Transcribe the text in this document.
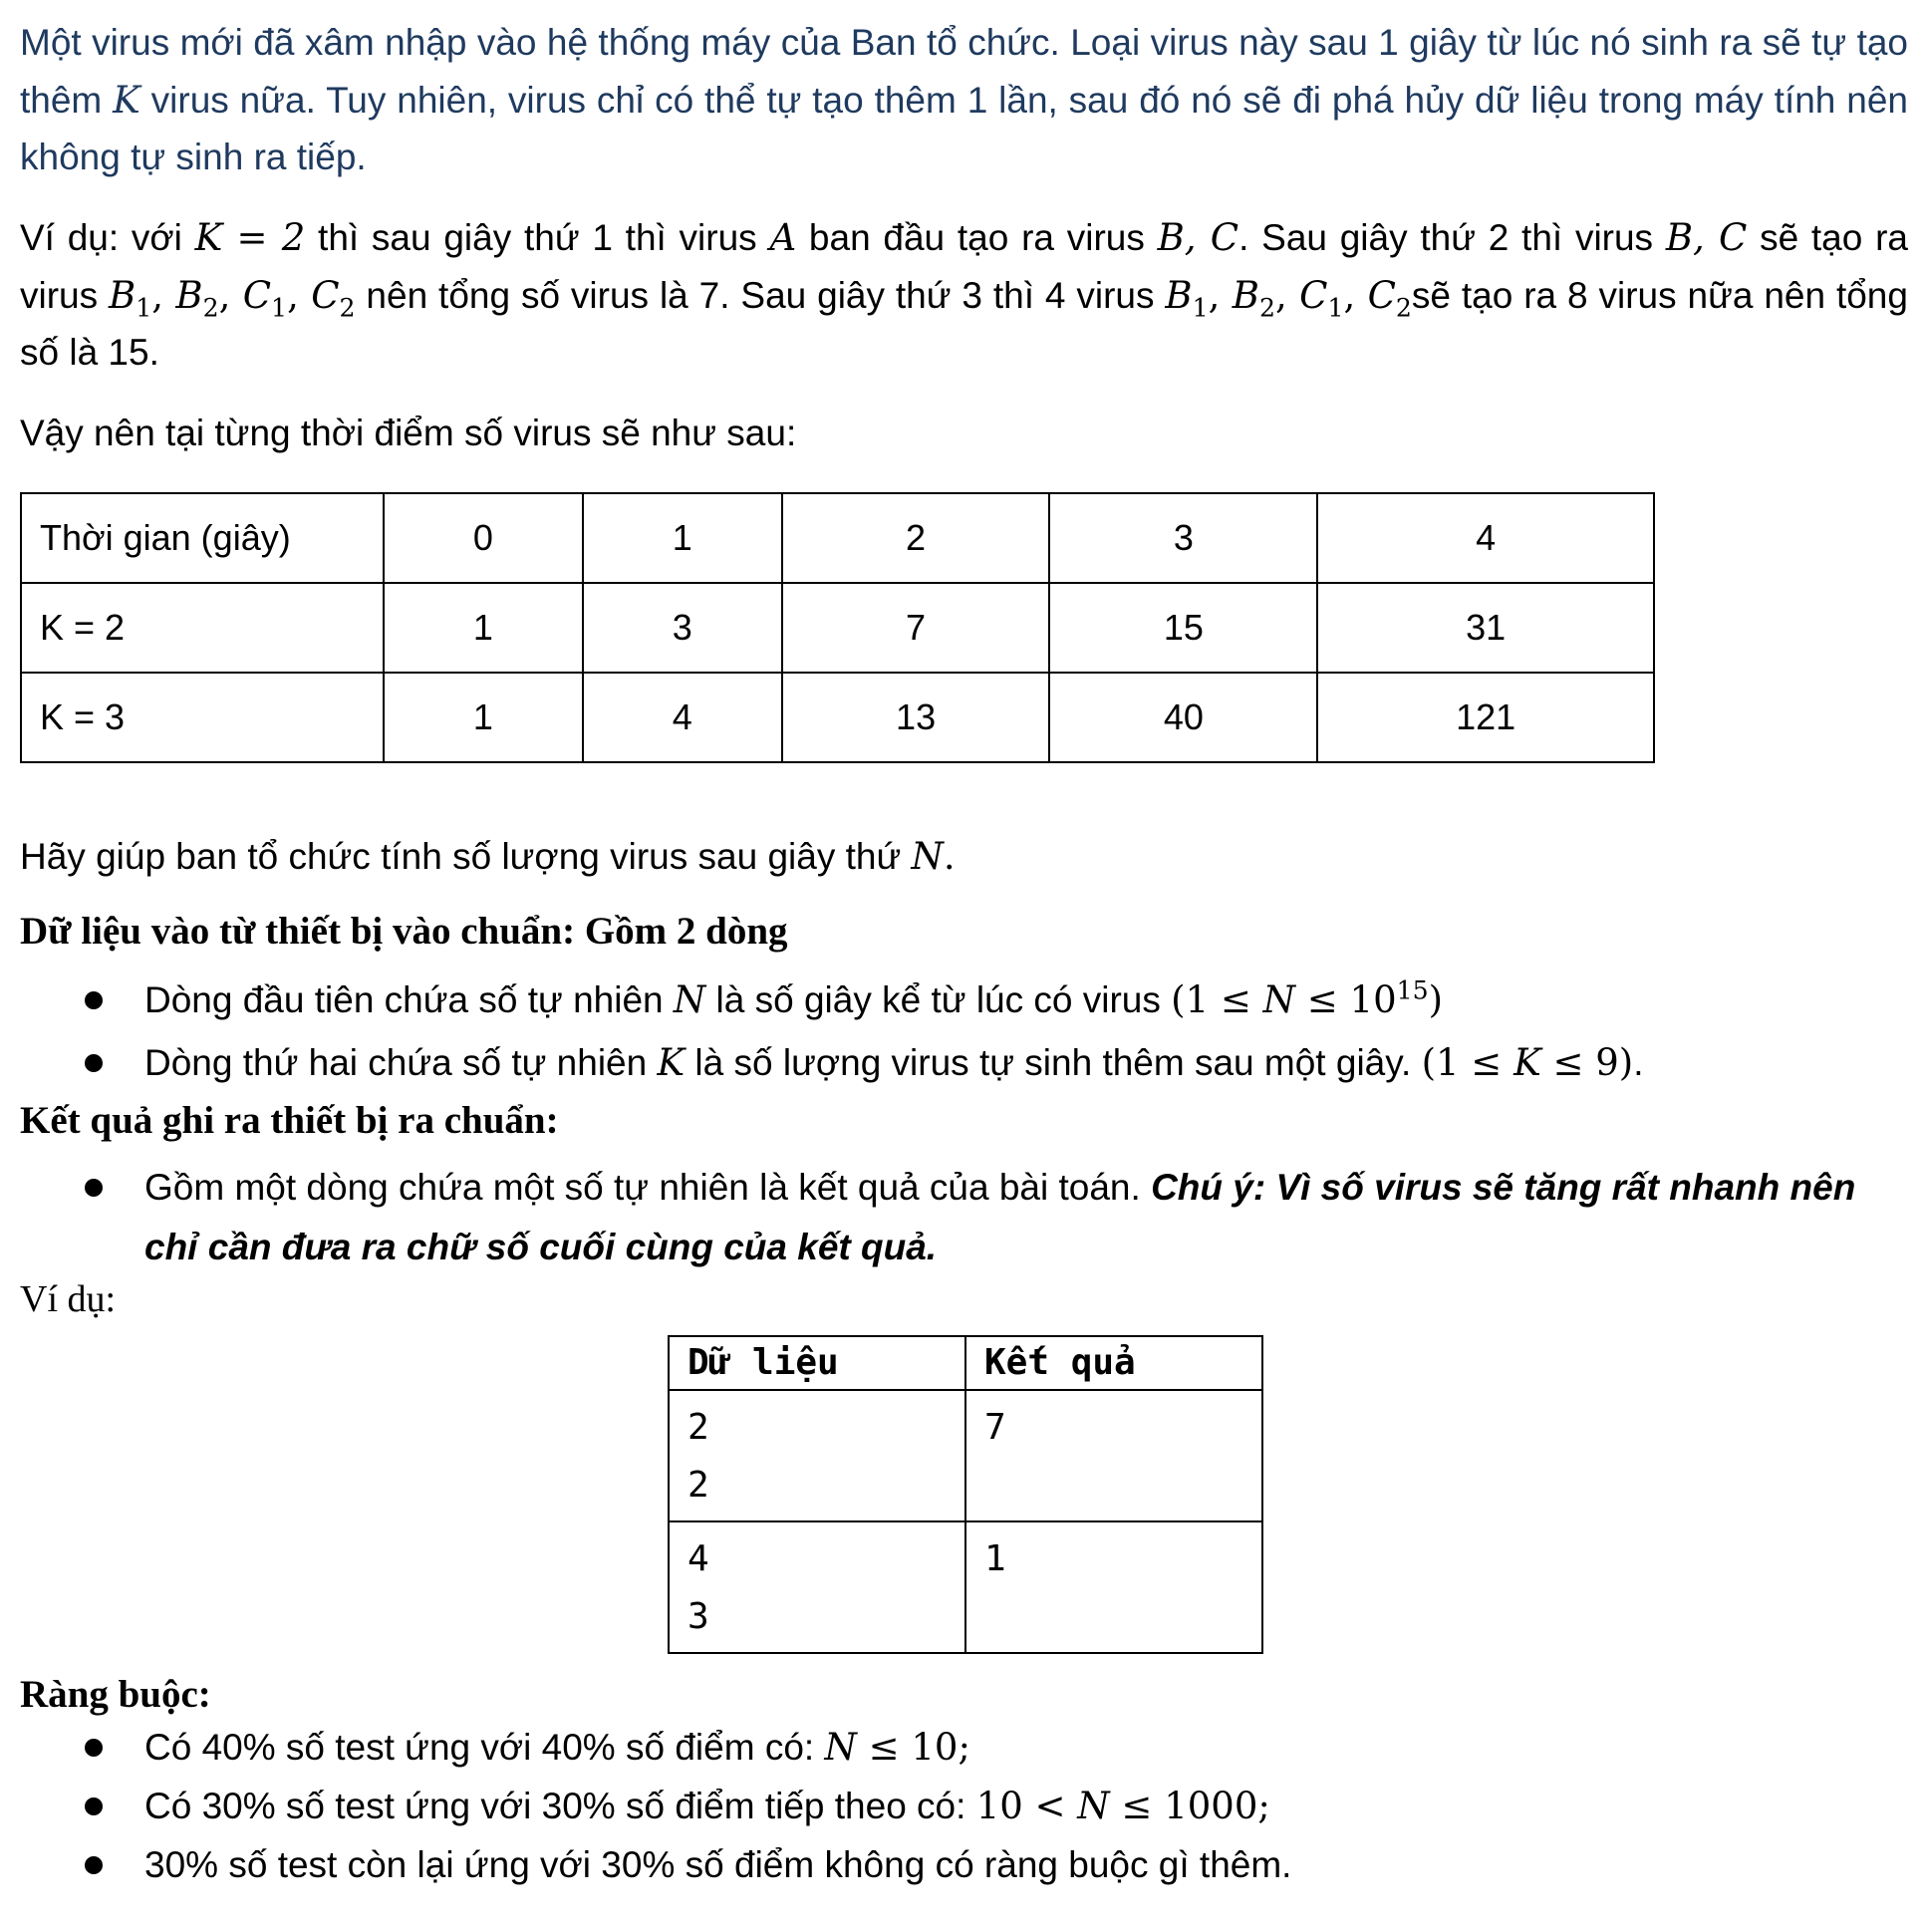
Một virus mới đã xâm nhập vào hệ thống máy của Ban tổ chức. Loại virus này sau 1 giây từ lúc nó sinh ra sẽ tự tạo thêm K virus nữa. Tuy nhiên, virus chỉ có thể tự tạo thêm 1 lần, sau đó nó sẽ đi phá hủy dữ liệu trong máy tính nên không tự sinh ra tiếp.
Ví dụ: với K = 2 thì sau giây thứ 1 thì virus A ban đầu tạo ra virus B, C. Sau giây thứ 2 thì virus B, C sẽ tạo ra virus $B_1$, $B_2$, $C_1$, $C_2$ nên tổng số virus là 7. Sau giây thứ 3 thì 4 virus $B_1$, $B_2$, $C_1$, $C_2sẽ$ tạo ra 8 virus nữa nên tổng số là 15.
Vậy nên tại từng thời điểm số virus sẽ như sau:
Thời gian (giây)	0	1	2	3	4
K = 2	1	3	7	15	31
K = 3	1	4	13	40	121
Hãy giúp ban tổ chức tính số lượng virus sau giây thứ N.
Dữ liệu vào từ thiết bị vào chuẩn: Gồm 2 dòng
Dòng đầu tiên chứa số tự nhiên N là số giây kể từ lúc có virus $(1 \le N \le 10^{15})$
Dòng thứ hai chứa số tự nhiên K là số lượng virus tự sinh thêm sau một giây. (1 ≤ K ≤ 9).
Kết quả ghi ra thiết bị ra chuẩn:
Gồm một dòng chứa một số tự nhiên là kết quả của bài toán. Chú ý: Vì số virus sẽ tăng rất nhanh nên chỉ cần đưa ra chữ số cuối cùng của kết quả.
Ví dụ:
Dữ liệu	Kết quả

2
2	7

4
3	1
Ràng buộc:
Có 40% số test ứng với 40% số điểm có: N ≤ 10;
Có 30% số test ứng với 30% số điểm tiếp theo có: 10 < N ≤ 1000;
30% số test còn lại ứng với 30% số điểm không có ràng buộc gì thêm.
